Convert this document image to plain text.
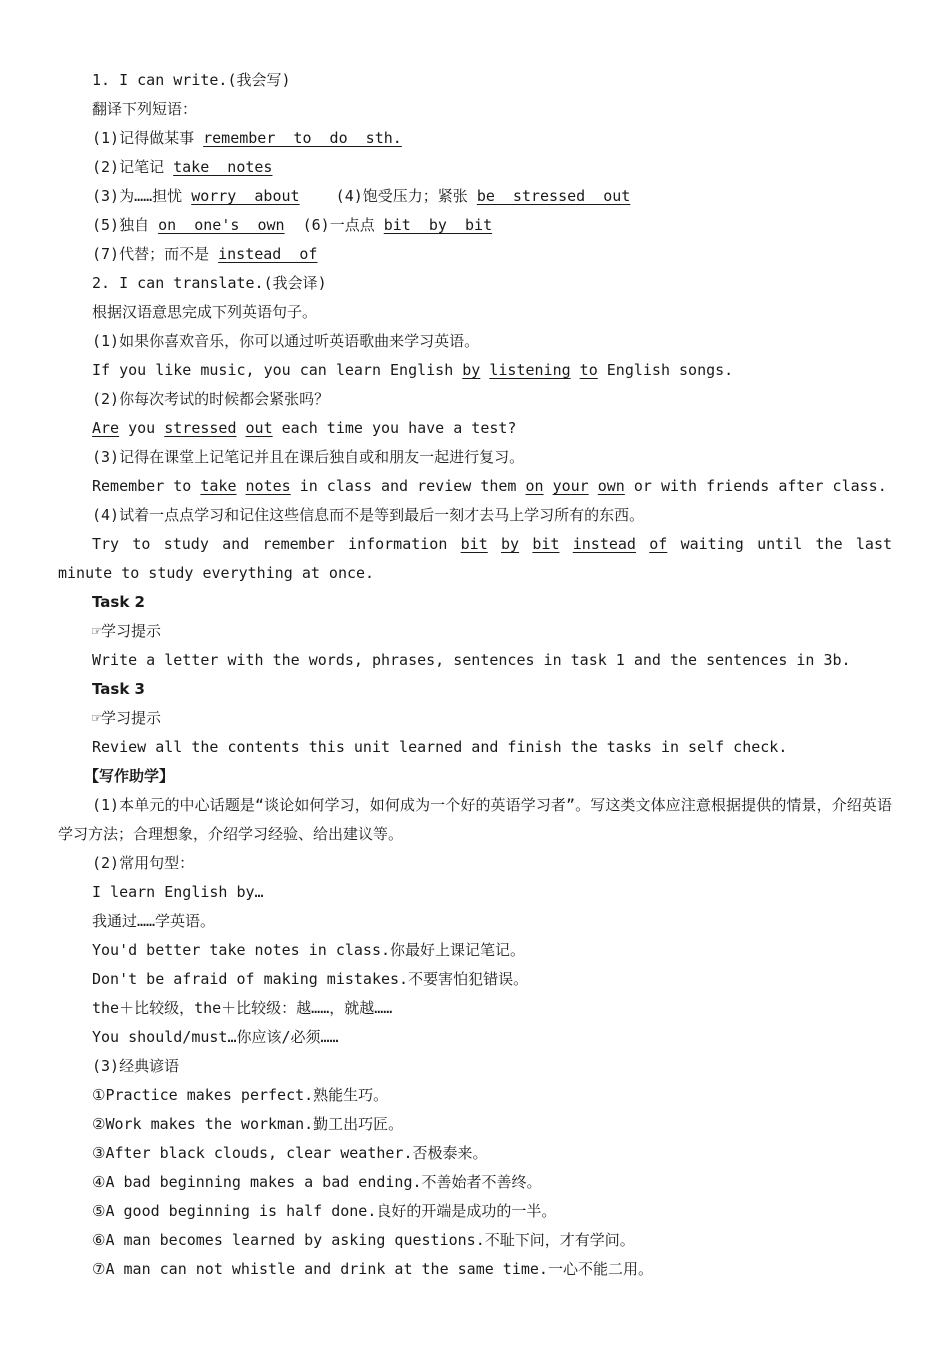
1. I can write.(我会写)
翻译下列短语：
(1)记得做某事 remember  to  do  sth.
(2)记笔记 take  notes
(3)为……担忧 worry  about    (4)饱受压力；紧张 be  stressed  out
(5)独自 on  one's  own  (6)一点点 bit  by  bit
(7)代替；而不是 instead  of
2. I can translate.(我会译)
根据汉语意思完成下列英语句子。
(1)如果你喜欢音乐，你可以通过听英语歌曲来学习英语。
If you like music, you can learn English by listening to English songs.
(2)你每次考试的时候都会紧张吗？
Are you stressed out each time you have a test?
(3)记得在课堂上记笔记并且在课后独自或和朋友一起进行复习。
Remember to take notes in class and review them on your own or with friends after class.
(4)试着一点点学习和记住这些信息而不是等到最后一刻才去马上学习所有的东西。
Try to study and remember information bit by bit instead of waiting until the last minute to study everything at once.
Task 2
☞学习提示
Write a letter with the words, phrases, sentences in task 1 and the sentences in 3b.
Task 3
☞学习提示
Review all the contents this unit learned and finish the tasks in self check.
【写作助学】
(1)本单元的中心话题是“谈论如何学习，如何成为一个好的英语学习者”。写这类文体应注意根据提供的情景，介绍英语学习方法；合理想象，介绍学习经验、给出建议等。
(2)常用句型：
I learn English by…
我通过……学英语。
You'd better take notes in class.你最好上课记笔记。
Don't be afraid of making mistakes.不要害怕犯错误。
the＋比较级，the＋比较级：越……，就越……
You should/must…你应该/必须……
(3)经典谚语
①Practice makes perfect.熟能生巧。
②Work makes the workman.勤工出巧匠。
③After black clouds, clear weather.否极泰来。
④A bad beginning makes a bad ending.不善始者不善终。
⑤A good beginning is half done.良好的开端是成功的一半。
⑥A man becomes learned by asking questions.不耻下问，才有学问。
⑦A man can not whistle and drink at the same time.一心不能二用。
